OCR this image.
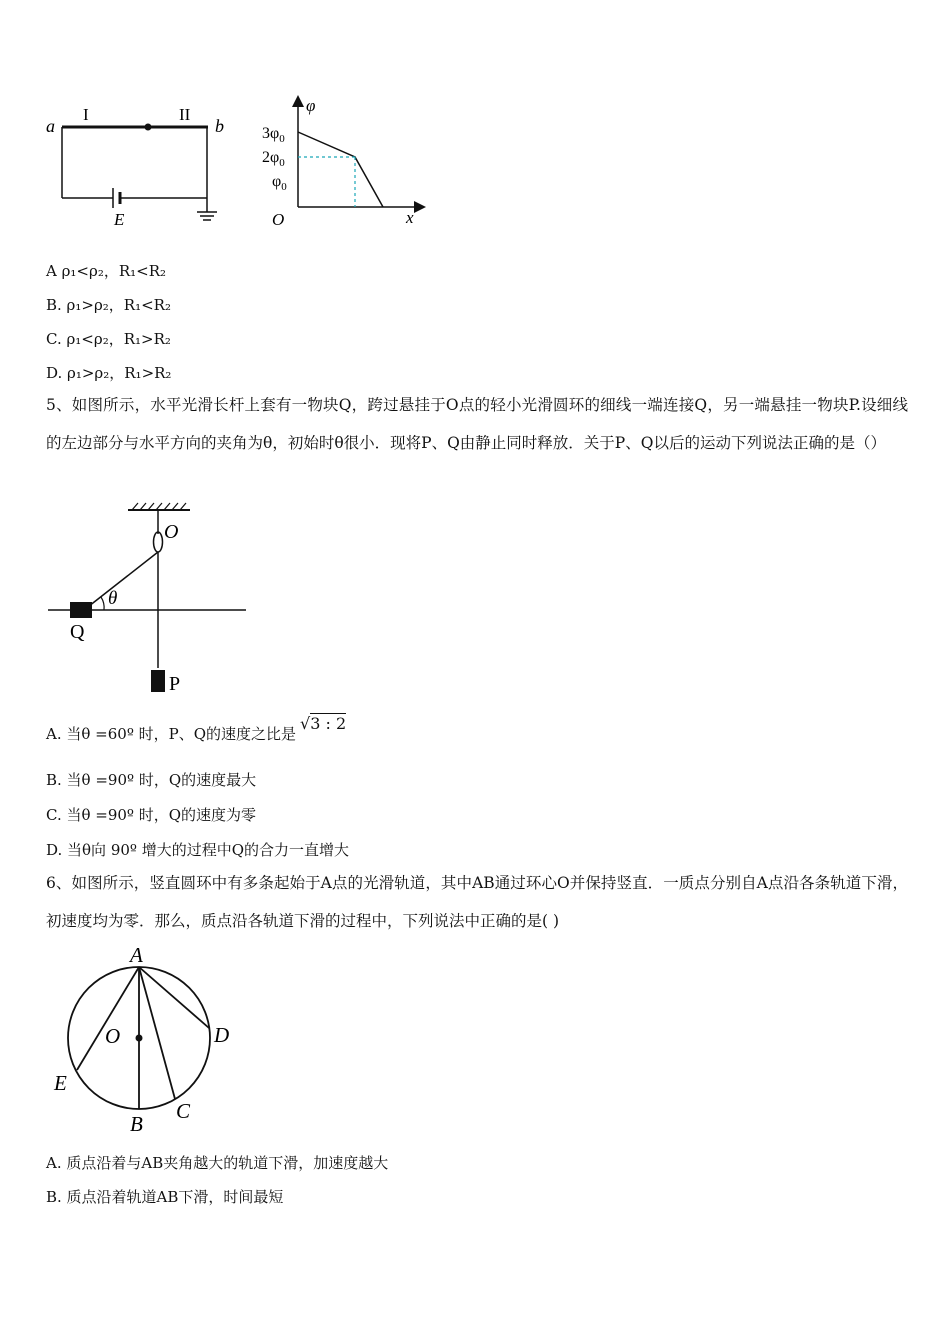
a	b
I	II
E
φ
x
O
$3\varphi_0$
$2\varphi_0$
$\varphi_0$
A ρ₁<ρ₂，R₁<R₂
B. ρ₁>ρ₂，R₁<R₂
C. ρ₁<ρ₂，R₁>R₂
D. ρ₁>ρ₂，R₁>R₂
5、如图所示，水平光滑长杆上套有一物块Q，跨过悬挂于O点的轻小光滑圆环的细线一端连接Q，另一端悬挂一物块P.设细线的左边部分与水平方向的夹角为θ，初始时θ很小．现将P、Q由静止同时释放．关于P、Q以后的运动下列说法正确的是（）
O
θ
Q
P
A. 当θ =60º 时，P、Q的速度之比是√3 : 2
B. 当θ =90º 时，Q的速度最大
C. 当θ =90º 时，Q的速度为零
D. 当θ向 90º 增大的过程中Q的合力一直增大
6、如图所示，竖直圆环中有多条起始于A点的光滑轨道，其中AB通过环心O并保持竖直．一质点分别自A点沿各条轨道下滑，初速度均为零．那么，质点沿各轨道下滑的过程中，下列说法中正确的是( )
A
B
C
D
E
O
A. 质点沿着与AB夹角越大的轨道下滑，加速度越大
B. 质点沿着轨道AB下滑，时间最短
